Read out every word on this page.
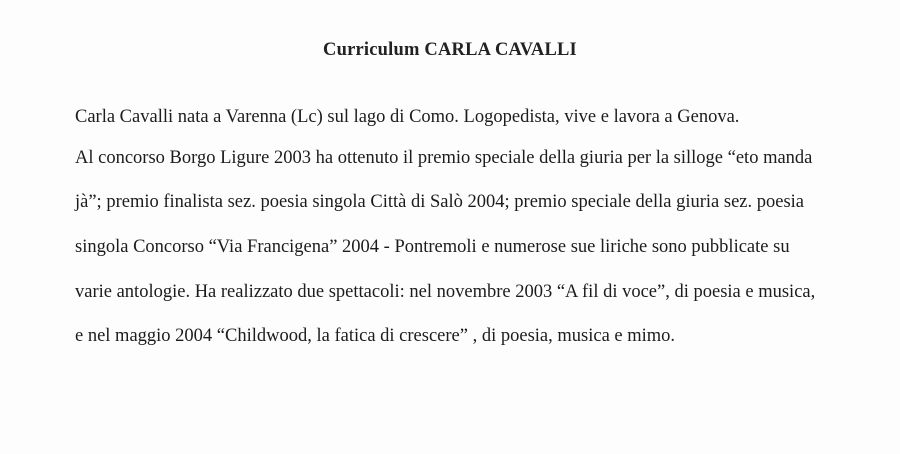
Curriculum CARLA CAVALLI
Carla Cavalli nata a Varenna (Lc) sul lago di Como. Logopedista, vive e lavora a Genova.
Al concorso Borgo Ligure 2003 ha ottenuto il premio speciale della giuria per la silloge “eto manda
jà”; premio finalista sez. poesia singola Città di Salò 2004; premio speciale della giuria sez. poesia
singola Concorso “Via Francigena” 2004 - Pontremoli e numerose sue liriche sono pubblicate su
varie antologie. Ha realizzato due spettacoli: nel novembre 2003 “A fil di voce”, di poesia e musica,
e nel maggio 2004 “Childwood, la fatica di crescere” , di poesia, musica e mimo.
